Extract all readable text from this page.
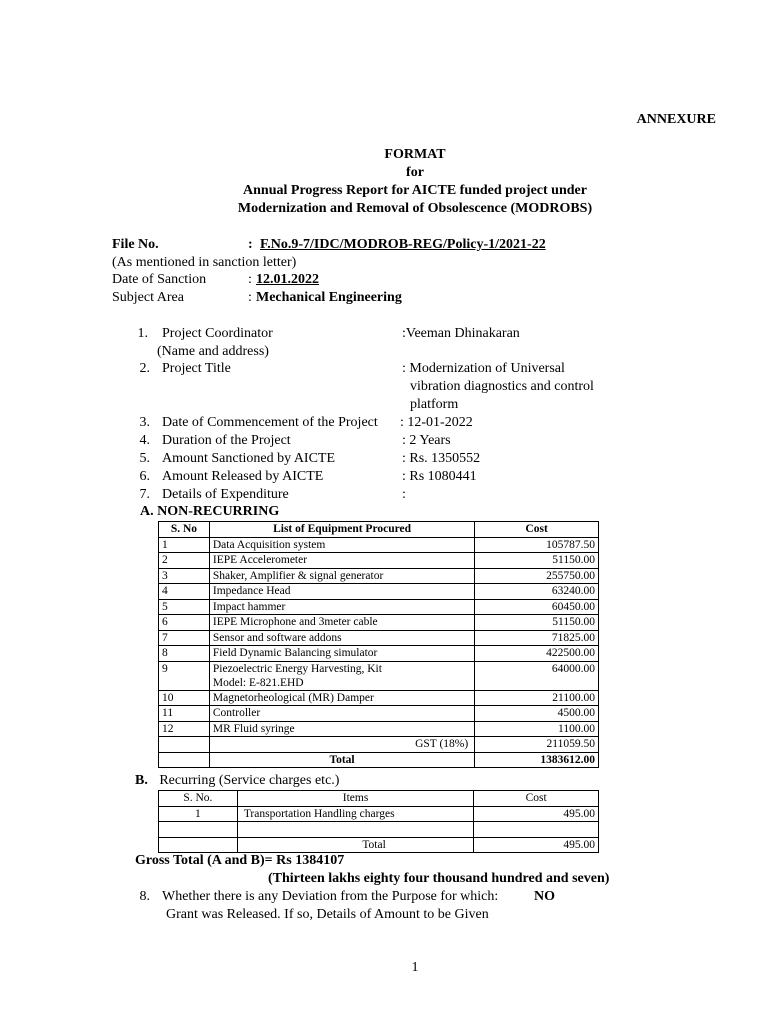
ANNEXURE
FORMAT
for
Annual Progress Report for AICTE funded project under
Modernization and Removal of Obsolescence (MODROBS)
File No.	: F.No.9-7/IDC/MODROB-REG/Policy-1/2021-22
(As mentioned in sanction letter)
Date of Sanction	: 12.01.2022
Subject Area	: Mechanical Engineering
1. Project Coordinator	:Veeman Dhinakaran
(Name and address)
2. Project Title	: Modernization of Universal
vibration diagnostics and control
platform
3. Date of Commencement of the Project : 12-01-2022
4. Duration of the Project	: 2 Years
5. Amount Sanctioned by AICTE	: Rs. 1350552
6. Amount Released by AICTE	: Rs 1080441
7. Details of Expenditure	:
A. NON-RECURRING
S. No	List of Equipment Procured	Cost
1	Data Acquisition system	105787.50
2	IEPE Accelerometer	51150.00
3	Shaker, Amplifier & signal generator	255750.00
4	Impedance Head	63240.00
5	Impact hammer	60450.00
6	IEPE Microphone and 3meter cable	51150.00
7	Sensor and software addons	71825.00
8	Field Dynamic Balancing simulator	422500.00
9	Piezoelectric Energy Harvesting, Kit
Model: E-821.EHD	64000.00
10	Magnetorheological (MR) Damper	21100.00
11	Controller	4500.00
12	MR Fluid syringe	1100.00
	GST (18%)	211059.50
	Total	1383612.00
B. Recurring (Service charges etc.)
S. No.	Items	Cost
1	Transportation Handling charges	495.00

	Total	495.00
Gross Total (A and B)= Rs 1384107
(Thirteen lakhs eighty four thousand hundred and seven)
8. Whether there is any Deviation from the Purpose for which:	NO
Grant was Released. If so, Details of Amount to be Given
1
